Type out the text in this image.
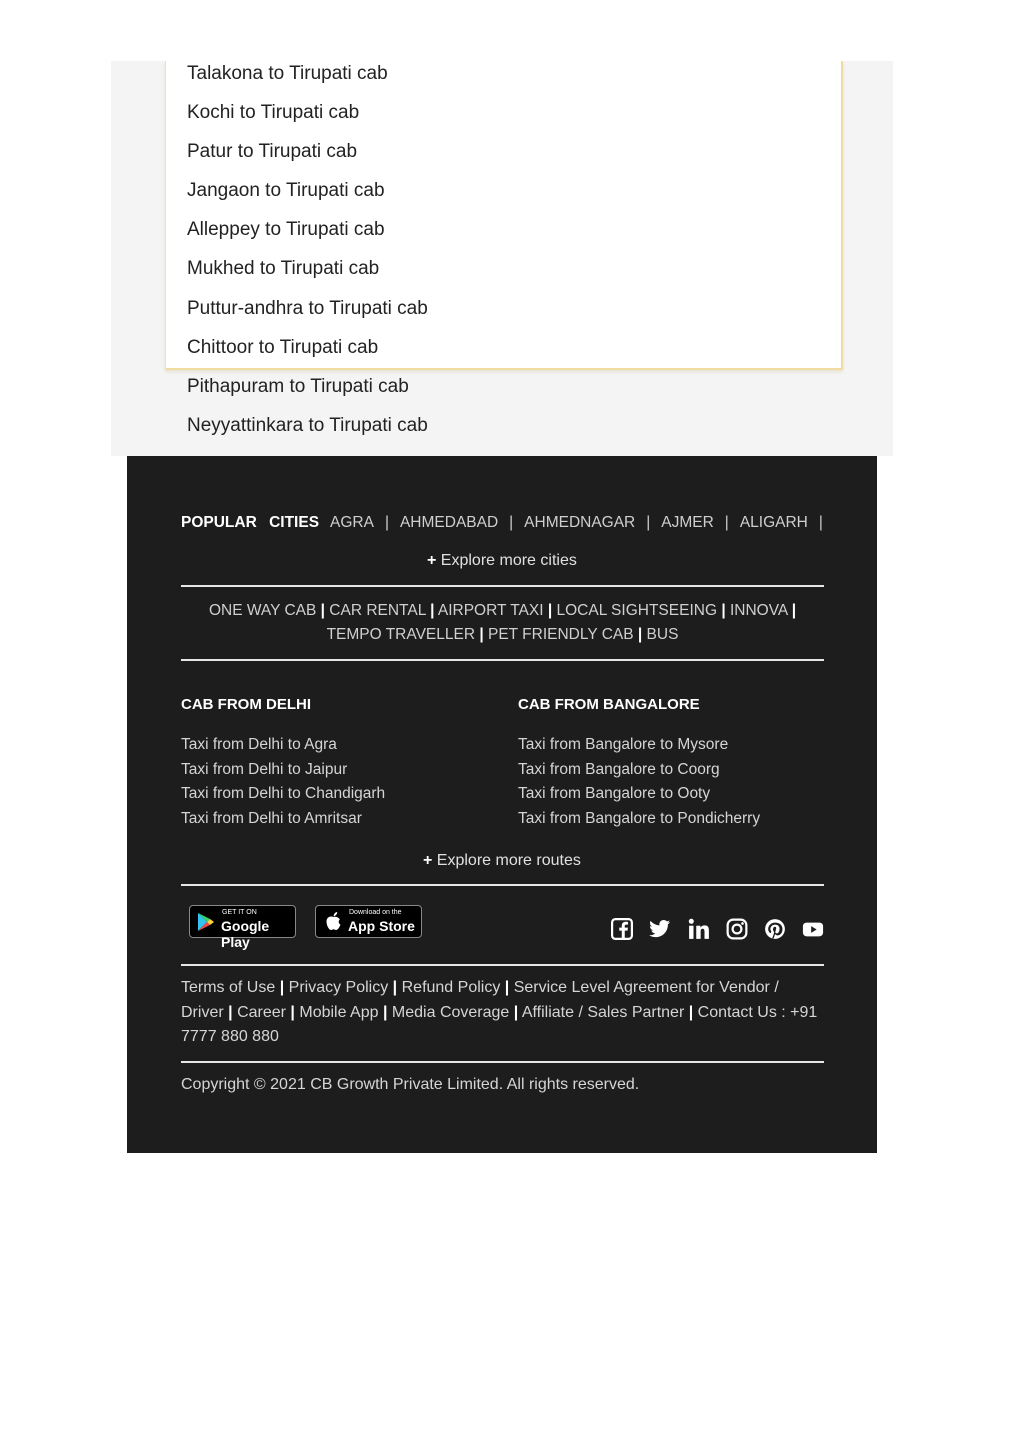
Talakona to Tirupati cab
Kochi to Tirupati cab
Patur to Tirupati cab
Jangaon to Tirupati cab
Alleppey to Tirupati cab
Mukhed to Tirupati cab
Puttur-andhra to Tirupati cab
Chittoor to Tirupati cab
Pithapuram to Tirupati cab
Neyyattinkara to Tirupati cab
POPULAR CITIES AGRA | AHMEDABAD | AHMEDNAGAR | AJMER | ALIGARH |
+ Explore more cities
ONE WAY CAB | CAR RENTAL | AIRPORT TAXI | LOCAL SIGHTSEEING | INNOVA | TEMPO TRAVELLER | PET FRIENDLY CAB | BUS
CAB FROM DELHI
Taxi from Delhi to Agra
Taxi from Delhi to Jaipur
Taxi from Delhi to Chandigarh
Taxi from Delhi to Amritsar
CAB FROM BANGALORE
Taxi from Bangalore to Mysore
Taxi from Bangalore to Coorg
Taxi from Bangalore to Ooty
Taxi from Bangalore to Pondicherry
+ Explore more routes
GET IT ON
Google Play
Download on the
App Store
Terms of Use | Privacy Policy | Refund Policy | Service Level Agreement for Vendor / Driver | Career | Mobile App | Media Coverage | Affiliate / Sales Partner | Contact Us : +91 7777 880 880
Copyright © 2021 CB Growth Private Limited. All rights reserved.
